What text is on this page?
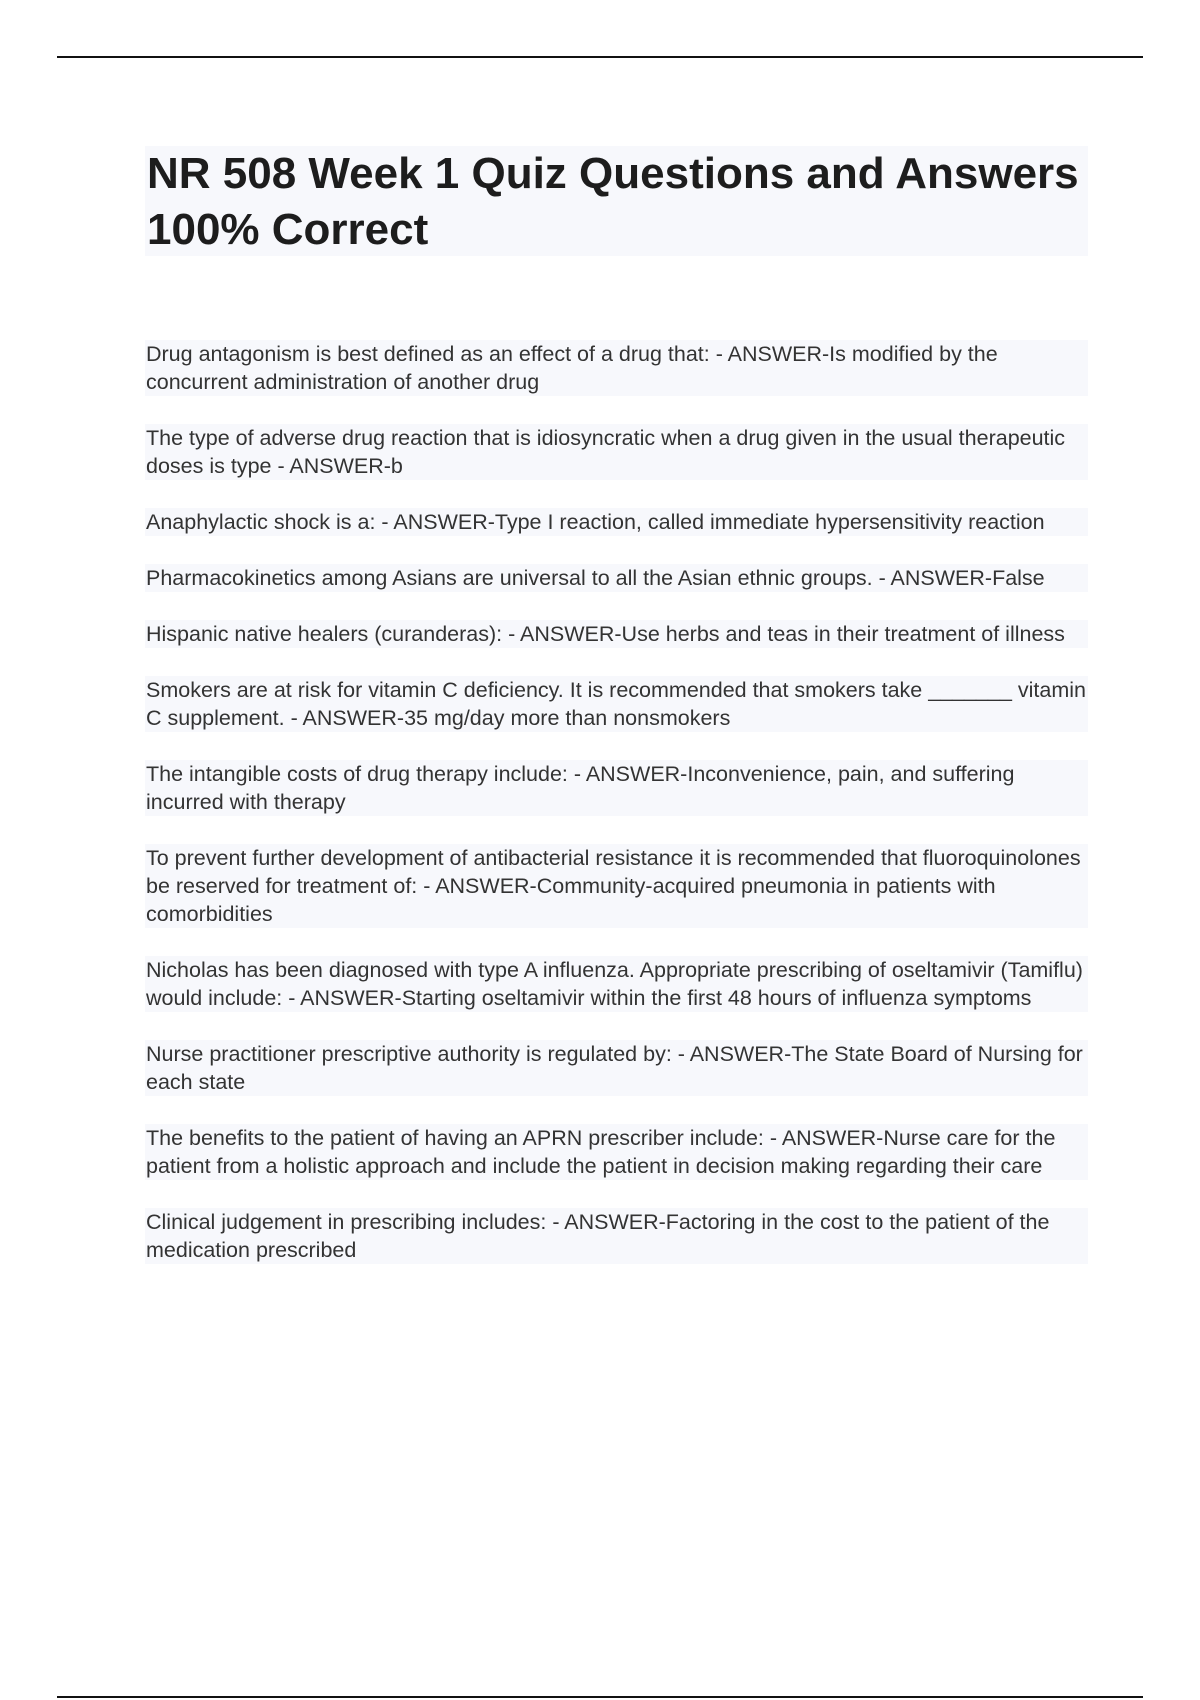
NR 508 Week 1 Quiz Questions and Answers 100% Correct
Drug antagonism is best defined as an effect of a drug that: - ANSWER-Is modified by the concurrent administration of another drug
The type of adverse drug reaction that is idiosyncratic when a drug given in the usual therapeutic doses is type - ANSWER-b
Anaphylactic shock is a: - ANSWER-Type I reaction, called immediate hypersensitivity reaction
Pharmacokinetics among Asians are universal to all the Asian ethnic groups. - ANSWER-False
Hispanic native healers (curanderas): - ANSWER-Use herbs and teas in their treatment of illness
Smokers are at risk for vitamin C deficiency. It is recommended that smokers take _______ vitamin C supplement. - ANSWER-35 mg/day more than nonsmokers
The intangible costs of drug therapy include: - ANSWER-Inconvenience, pain, and suffering incurred with therapy
To prevent further development of antibacterial resistance it is recommended that fluoroquinolones be reserved for treatment of: - ANSWER-Community-acquired pneumonia in patients with comorbidities
Nicholas has been diagnosed with type A influenza. Appropriate prescribing of oseltamivir (Tamiflu) would include: - ANSWER-Starting oseltamivir within the first 48 hours of influenza symptoms
Nurse practitioner prescriptive authority is regulated by: - ANSWER-The State Board of Nursing for each state
The benefits to the patient of having an APRN prescriber include: - ANSWER-Nurse care for the patient from a holistic approach and include the patient in decision making regarding their care
Clinical judgement in prescribing includes: - ANSWER-Factoring in the cost to the patient of the medication prescribed
